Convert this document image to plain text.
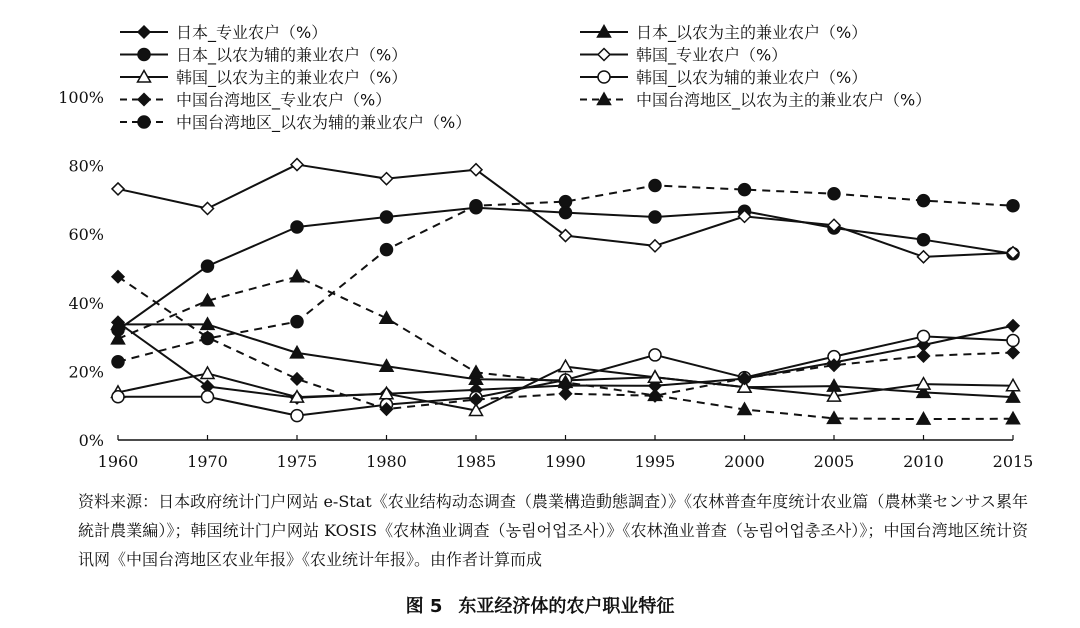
日本_专业农户（%）	日本_以农为主的兼业农户（%）
日本_以农为辅的兼业农户（%）	韩国_专业农户（%）
韩国_以农为主的兼业农户（%）	韩国_以农为辅的兼业农户（%）
中国台湾地区_专业农户（%）	中国台湾地区_以农为主的兼业农户（%）
中国台湾地区_以农为辅的兼业农户（%）
0%
20%
40%
60%
80%
100%
1960	1970	1975	1980	1985	1990	1995	2000	2005	2010	2015
资料来源：日本政府统计门户网站 e-Stat《农业结构动态调查（農業構造動態調査）》《农林普查年度统计农业篇（農林業センサス累年統計農業編）》；韩国统计门户网站 KOSIS《农林渔业调查（농림어업조사）》《农林渔业普查（농림어업총조사）》；中国台湾地区统计资讯网《中国台湾地区农业年报》《农业统计年报》。由作者计算而成
图 5 东亚经济体的农户职业特征
